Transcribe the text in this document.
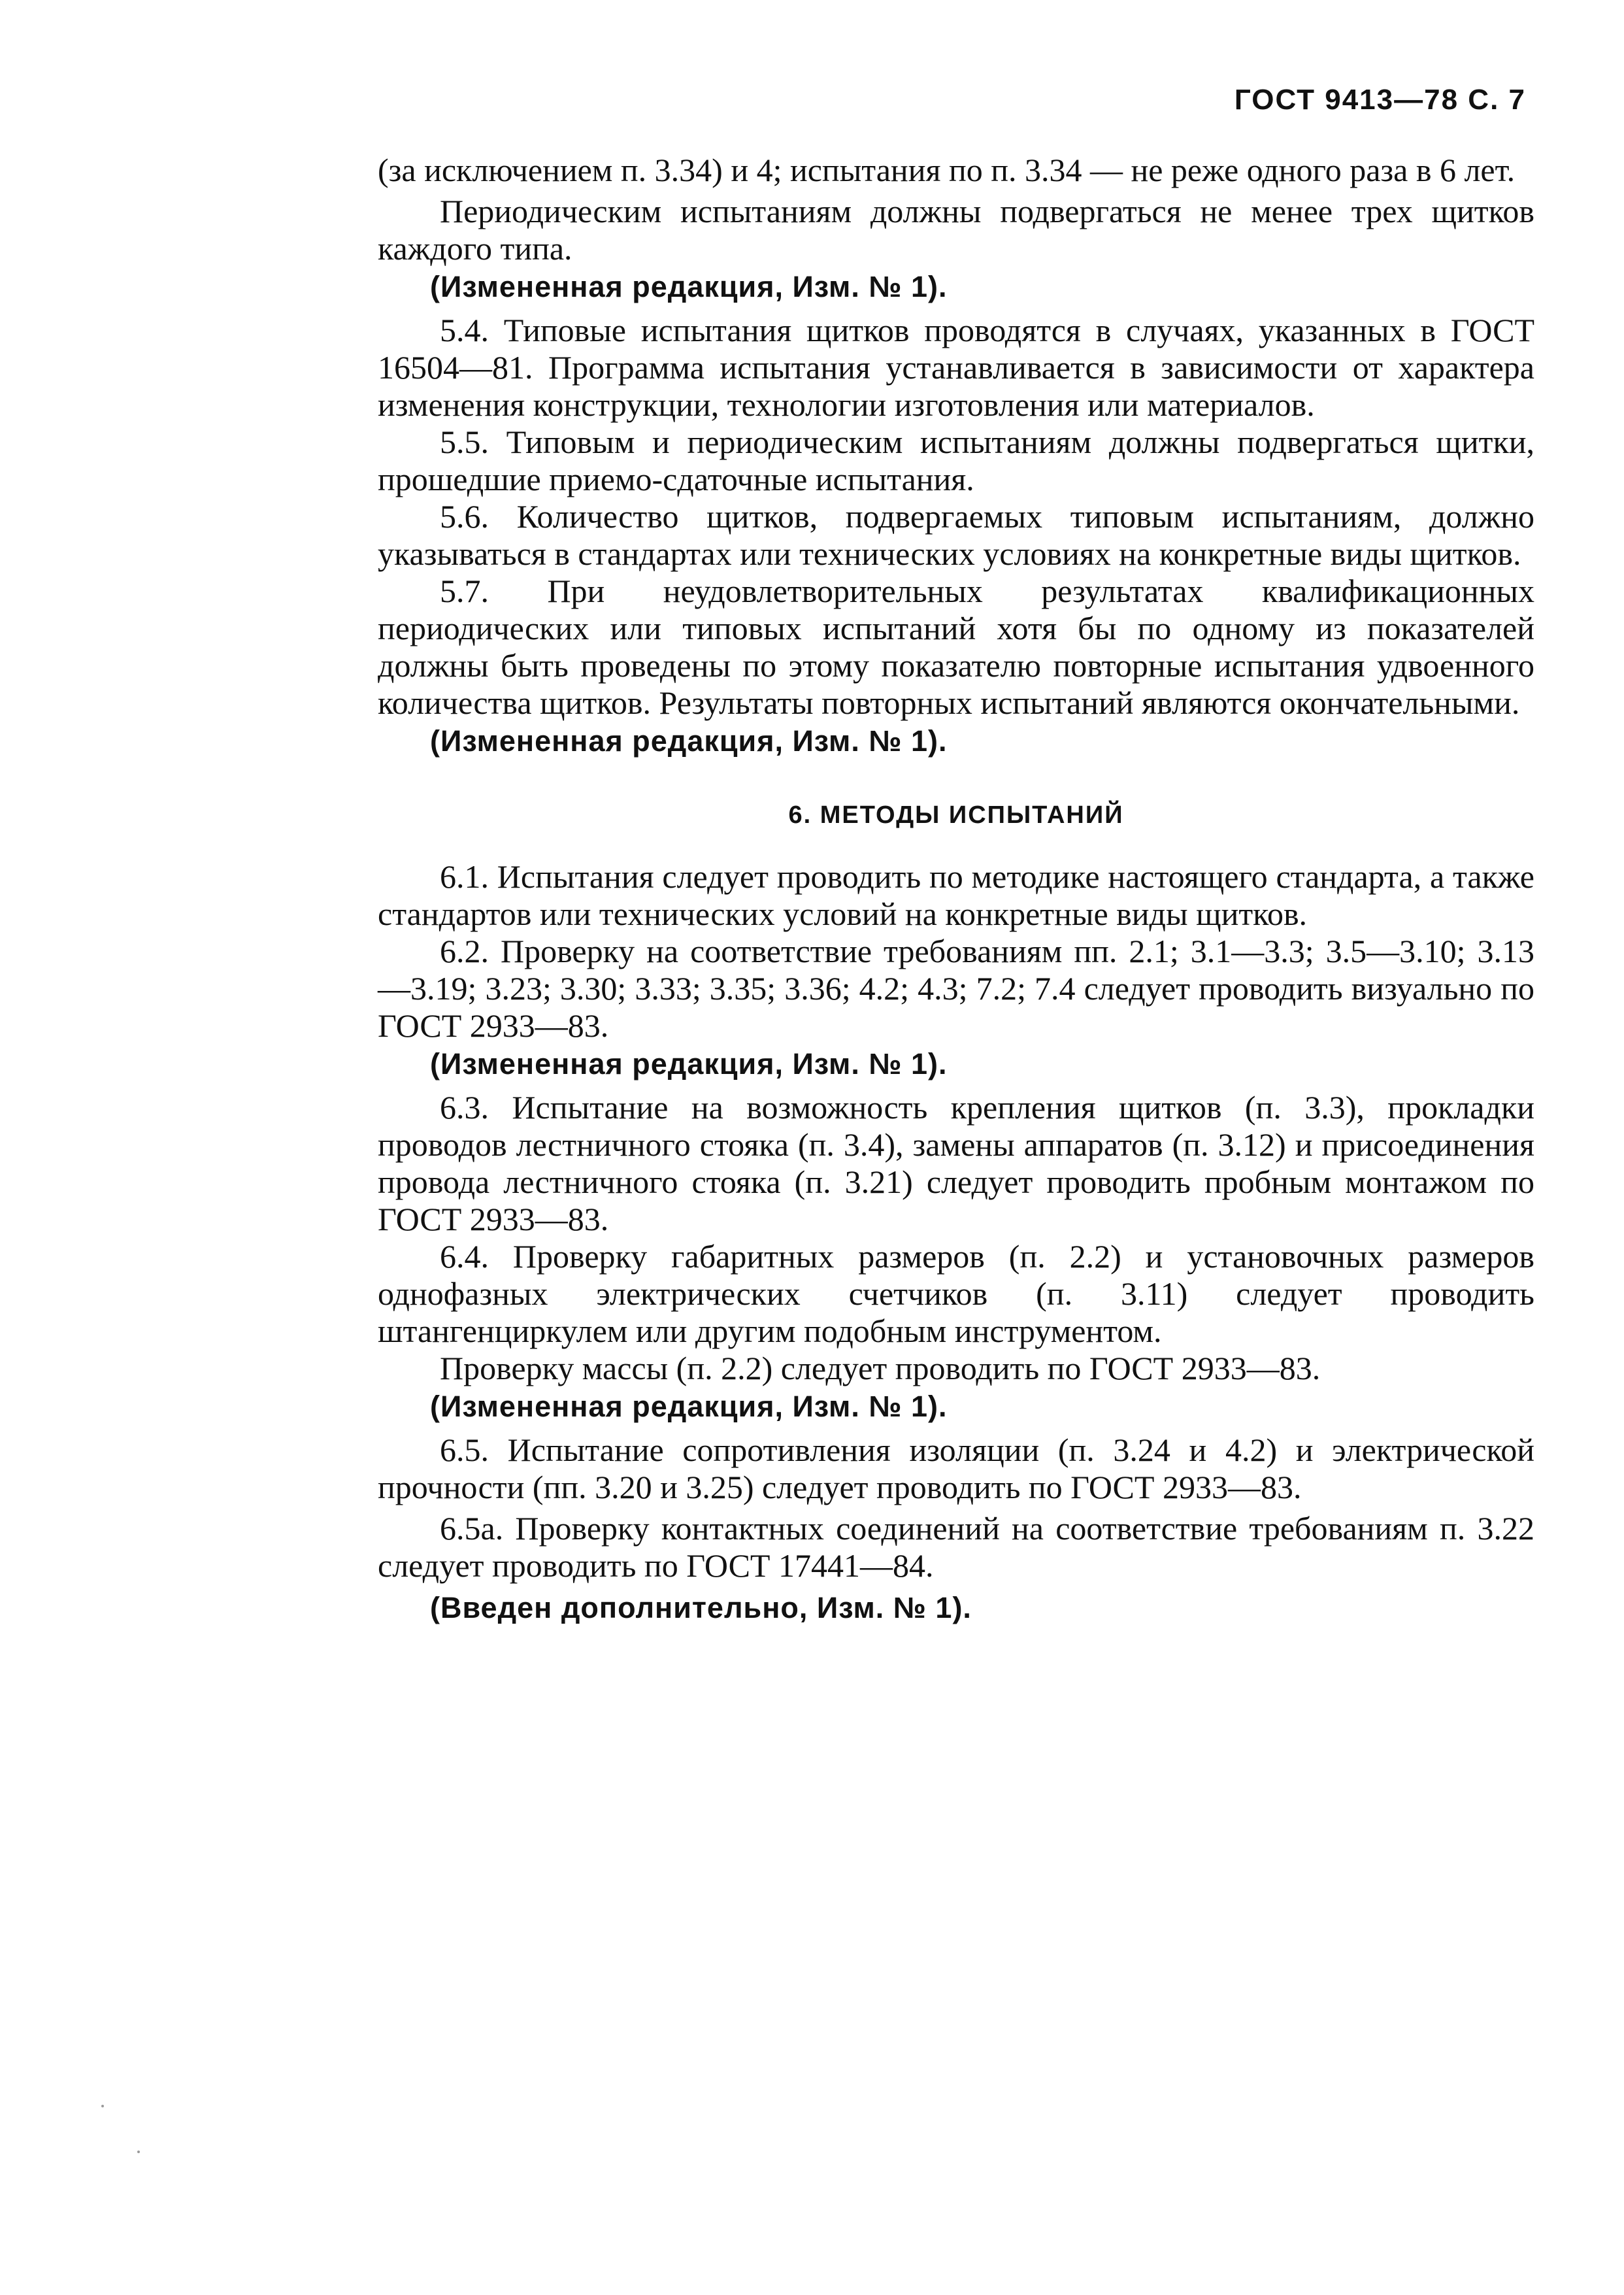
ГОСТ 9413—78 С. 7

(за исключением п. 3.34) и 4; испытания по п. 3.34 — не реже одного раза в 6 лет.

Периодическим испытаниям должны подвергаться не менее трех щитков каждого типа.

(Измененная редакция, Изм. № 1).

5.4. Типовые испытания щитков проводятся в случаях, указанных в ГОСТ 16504—81. Программа испытания устанавливается в зависимости от характера изменения конструкции, технологии изготовления или материалов.

5.5. Типовым и периодическим испытаниям должны подвергаться щитки, прошедшие приемо-сдаточные испытания.

5.6. Количество щитков, подвергаемых типовым испытаниям, должно указываться в стандартах или технических условиях на конкретные виды щитков.

5.7. При неудовлетворительных результатах квалификационных периодических или типовых испытаний хотя бы по одному из показателей должны быть проведены по этому показателю повторные испытания удвоенного количества щитков. Результаты повторных испытаний являются окончательными.

(Измененная редакция, Изм. № 1).

6. МЕТОДЫ ИСПЫТАНИЙ

6.1. Испытания следует проводить по методике настоящего стандарта, а также стандартов или технических условий на конкретные виды щитков.

6.2. Проверку на соответствие требованиям пп. 2.1; 3.1—3.3; 3.5—3.10; 3.13—3.19; 3.23; 3.30; 3.33; 3.35; 3.36; 4.2; 4.3; 7.2; 7.4 следует проводить визуально по ГОСТ 2933—83.

(Измененная редакция, Изм. № 1).

6.3. Испытание на возможность крепления щитков (п. 3.3), прокладки проводов лестничного стояка (п. 3.4), замены аппаратов (п. 3.12) и присоединения провода лестничного стояка (п. 3.21) следует проводить пробным монтажом по ГОСТ 2933—83.

6.4. Проверку габаритных размеров (п. 2.2) и установочных размеров однофазных электрических счетчиков (п. 3.11) следует проводить штангенциркулем или другим подобным инструментом.

Проверку массы (п. 2.2) следует проводить по ГОСТ 2933—83.

(Измененная редакция, Изм. № 1).

6.5. Испытание сопротивления изоляции (п. 3.24 и 4.2) и электрической прочности (пп. 3.20 и 3.25) следует проводить по ГОСТ 2933—83.

6.5а. Проверку контактных соединений на соответствие требованиям п. 3.22 следует проводить по ГОСТ 17441—84.

(Введен дополнительно, Изм. № 1).
